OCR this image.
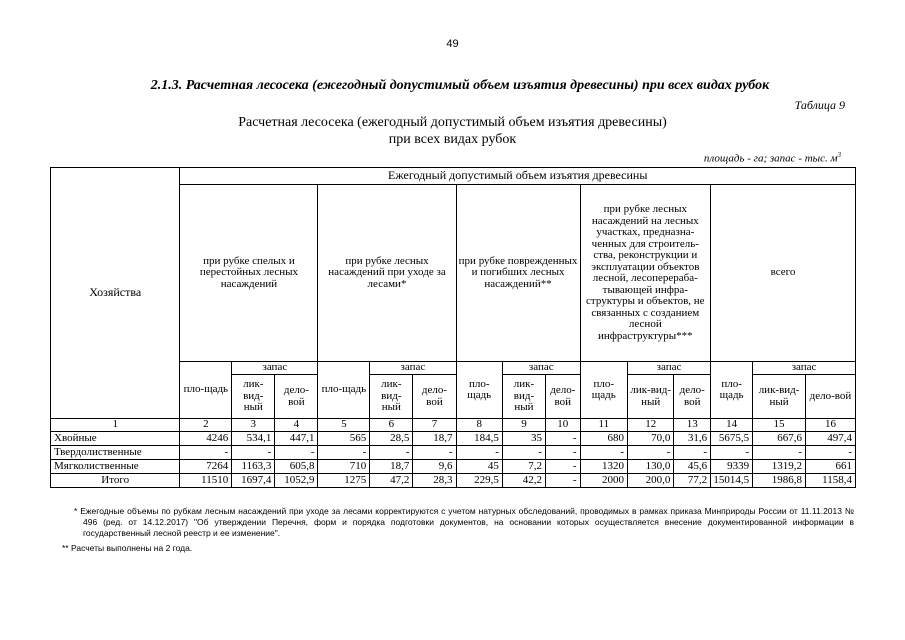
49
2.1.3. Расчетная лесосека (ежегодный допустимый объем изъятия древесины) при всех видах рубок
Таблица 9
Расчетная лесосека (ежегодный допустимый объем изъятия древесины)
при всех видах рубок
площадь - га; запас - тыс. $м^3$
Хозяйства	Ежегодный допустимый объем изъятия древесины														
	при рубке спелых и перестойных лесных насаждений			при рубке лесных насаждений при уходе за лесами*			при рубке поврежденных и погибших лесных насаждений**			при рубке лесных насаждений на лесных участках, предназна-ченных для строитель-ства, реконструкции и эксплуатации объектов лесной, лесоперераба-тывающей инфра-структуры и объектов, не связанных с созданием лесной инфраструктуры***			всего		
	пло-щадь	запас		пло-щадь	запас		пло-щадь	запас		пло-щадь	запас		пло-щадь	запас	
		лик-вид-ный	дело-вой		лик-вид-ный	дело-вой		лик-вид-ный	дело-вой		лик-вид-ный	дело-вой		лик-вид-ный	дело-вой
1	2	3	4	5	6	7	8	9	10	11	12	13	14	15	16
Хвойные	4246	534,1	447,1	565	28,5	18,7	184,5	35	-	680	70,0	31,6	5675,5	667,6	497,4
Твердолиственные	-	-	-	-	-	-	-	-	-	-	-	-	-	-	-
Мягколиственные	7264	1163,3	605,8	710	18,7	9,6	45	7,2	-	1320	130,0	45,6	9339	1319,2	661
Итого	11510	1697,4	1052,9	1275	47,2	28,3	229,5	42,2	-	2000	200,0	77,2	15014,5	1986,8	1158,4

* Ежегодные объемы по рубкам лесным насаждений при уходе за лесами корректируются с учетом натурных обследований, проводимых в рамках приказа Минприроды России от 11.11.2013 № 496 (ред. от 14.12.2017) "Об утверждении Перечня, форм и порядка подготовки документов, на основании которых осуществляется внесение документированной информации в государственный лесной реестр и ее изменение".

** Расчеты выполнены на 2 года.
